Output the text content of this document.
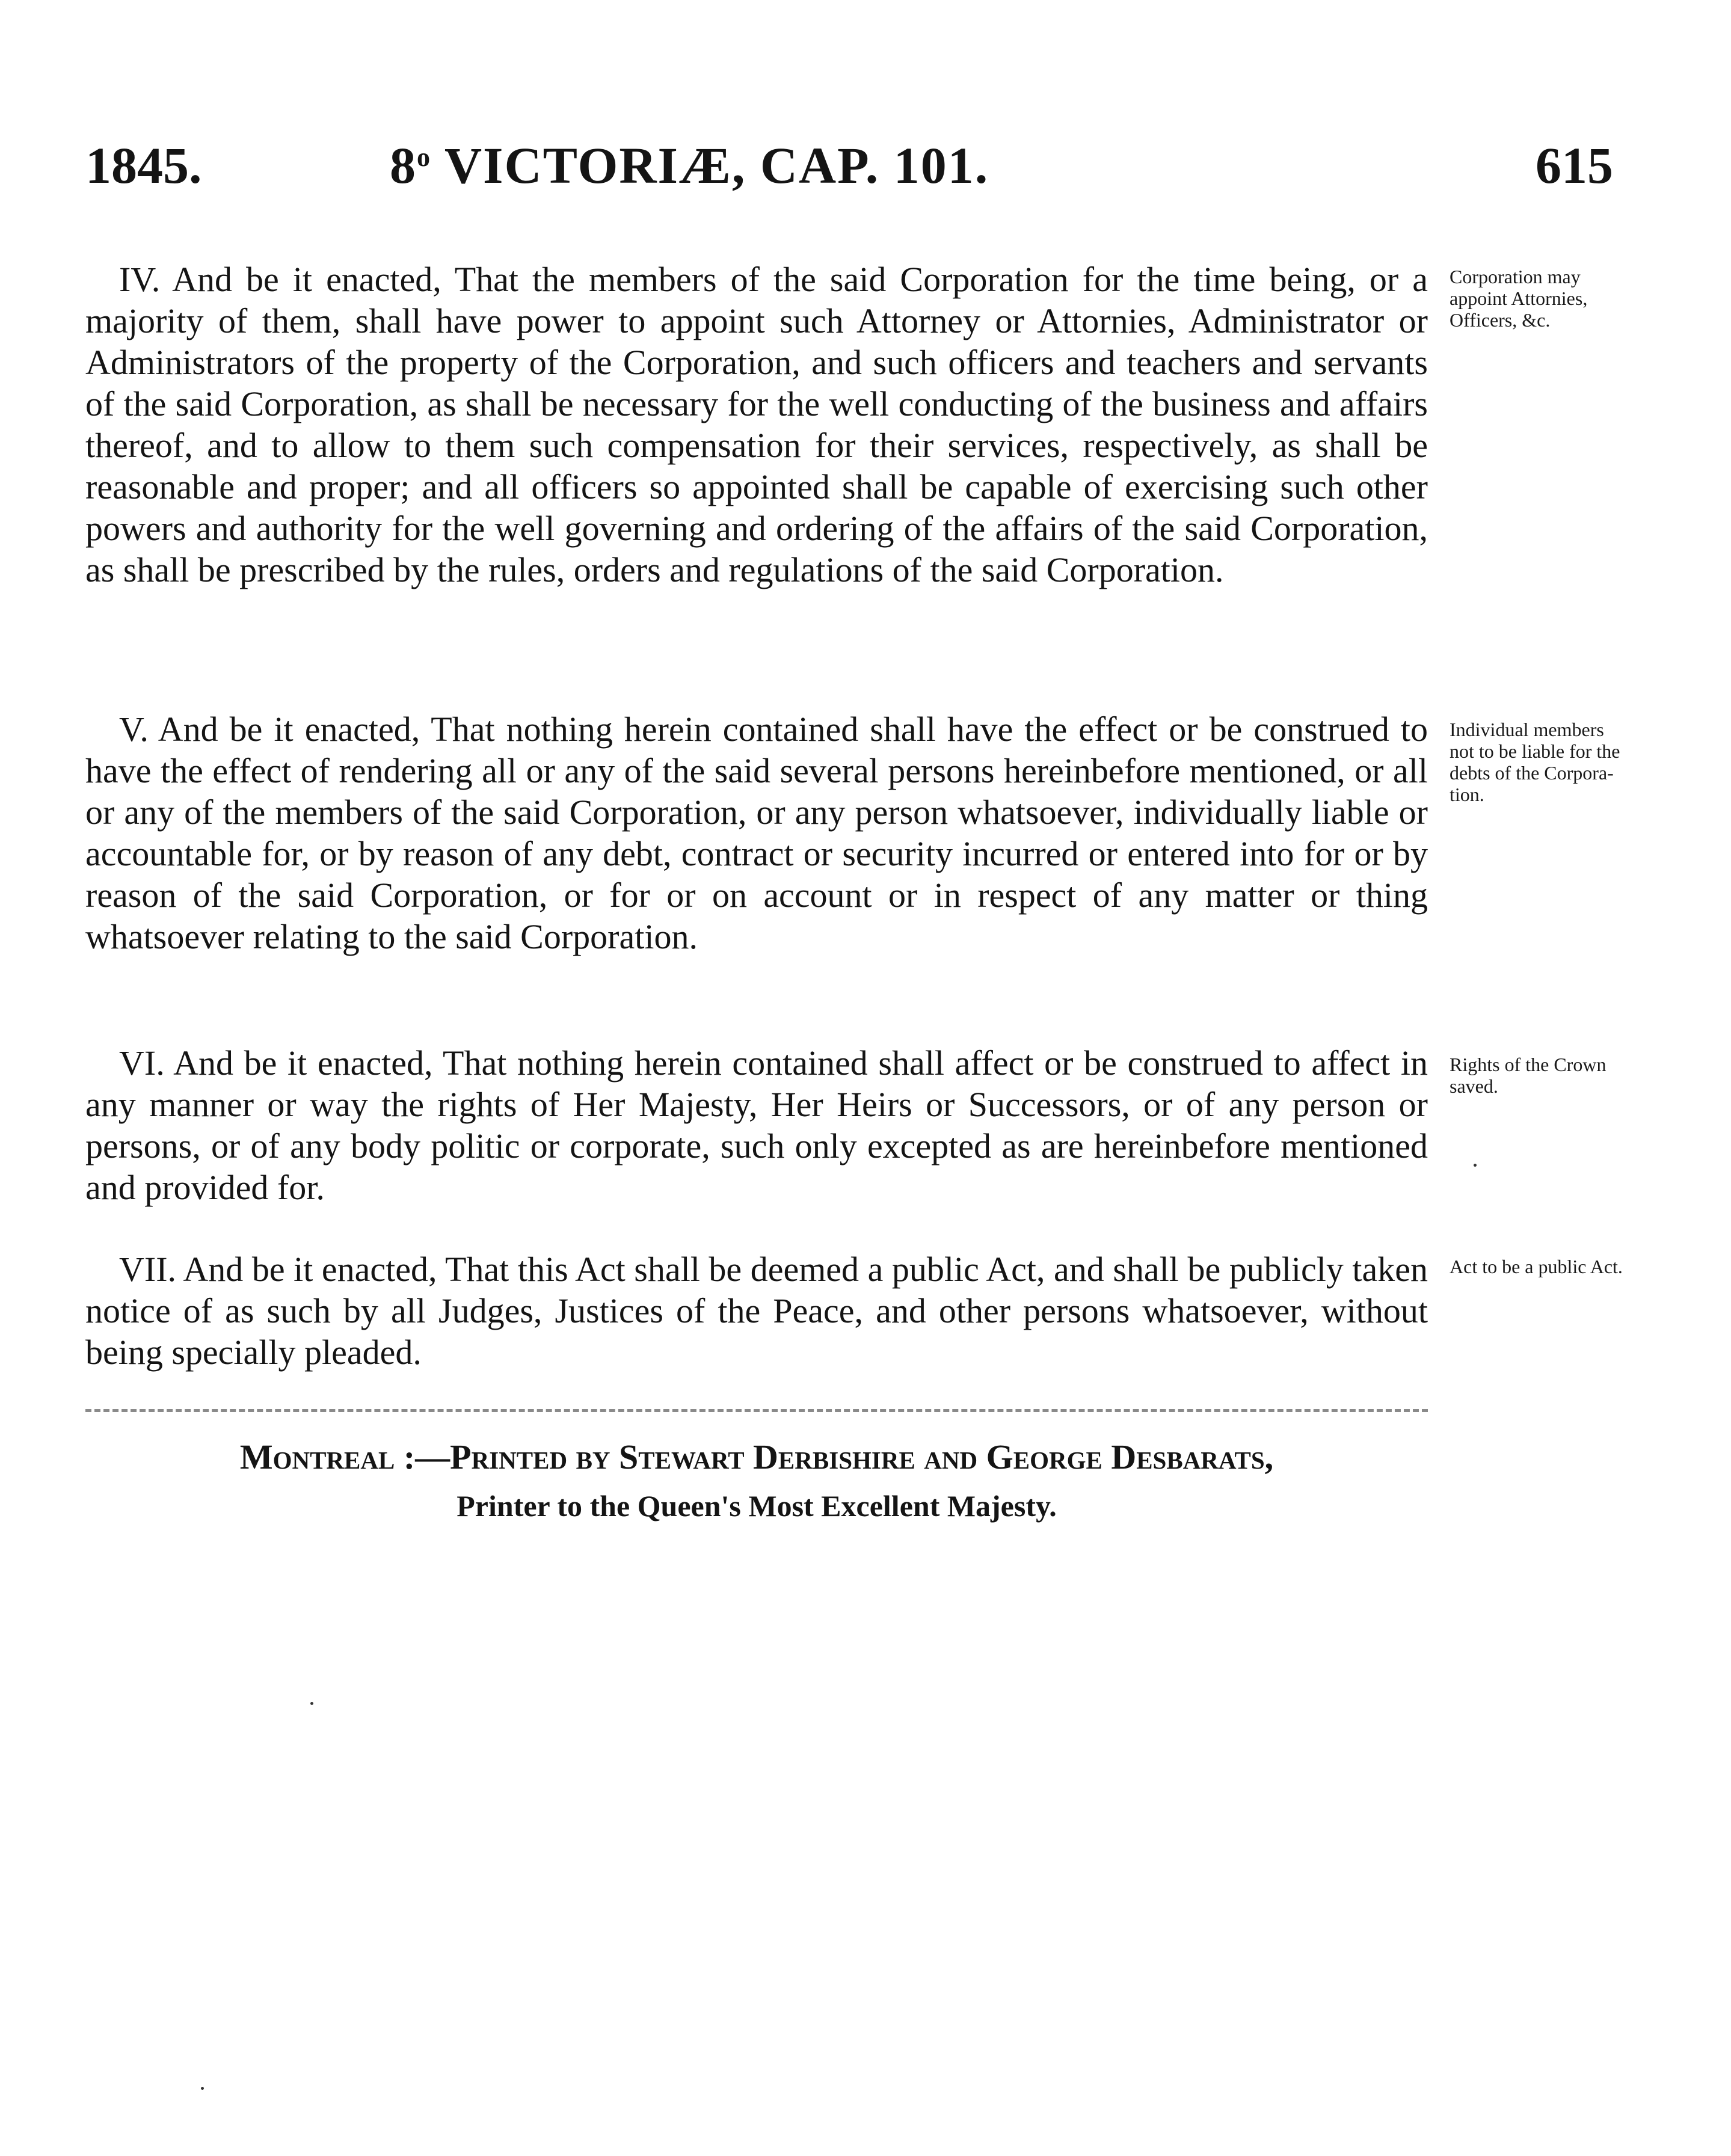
1845.	8$^o$ VICTORIÆ, CAP. 101.	615

IV. And be it enacted, That the members of the said Corporation for the time being, or a majority of them, shall have power to appoint such Attorney or Attornies, Administrator or Administrators of the property of the Corporation, and such officers and teachers and servants of the said Corporation, as shall be necessary for the well conducting of the business and affairs thereof, and to allow to them such compensation for their services, respectively, as shall be reasonable and proper; and all officers so appointed shall be capable of exercising such other powers and authority for the well governing and ordering of the affairs of the said Corporation, as shall be prescribed by the rules, orders and regulations of the said Corporation.

Corporation may appoint Attornies, Officers, &c.

V. And be it enacted, That nothing herein contained shall have the effect or be construed to have the effect of rendering all or any of the said several persons hereinbefore mentioned, or all or any of the members of the said Corporation, or any person whatsoever, individually liable or accountable for, or by reason of any debt, contract or security incurred or entered into for or by reason of the said Corporation, or for or on account or in respect of any matter or thing whatsoever relating to the said Corporation.

Individual members not to be liable for the debts of the Corporation.

VI. And be it enacted, That nothing herein contained shall affect or be construed to affect in any manner or way the rights of Her Majesty, Her Heirs or Successors, or of any person or persons, or of any body politic or corporate, such only excepted as are hereinbefore mentioned and provided for.

Rights of the Crown saved.

VII. And be it enacted, That this Act shall be deemed a public Act, and shall be publicly taken notice of as such by all Judges, Justices of the Peace, and other persons whatsoever, without being specially pleaded.

Act to be a public Act.
Montreal :—Printed by Stewart Derbishire and George Desbarats,
Printer to the Queen's Most Excellent Majesty.
